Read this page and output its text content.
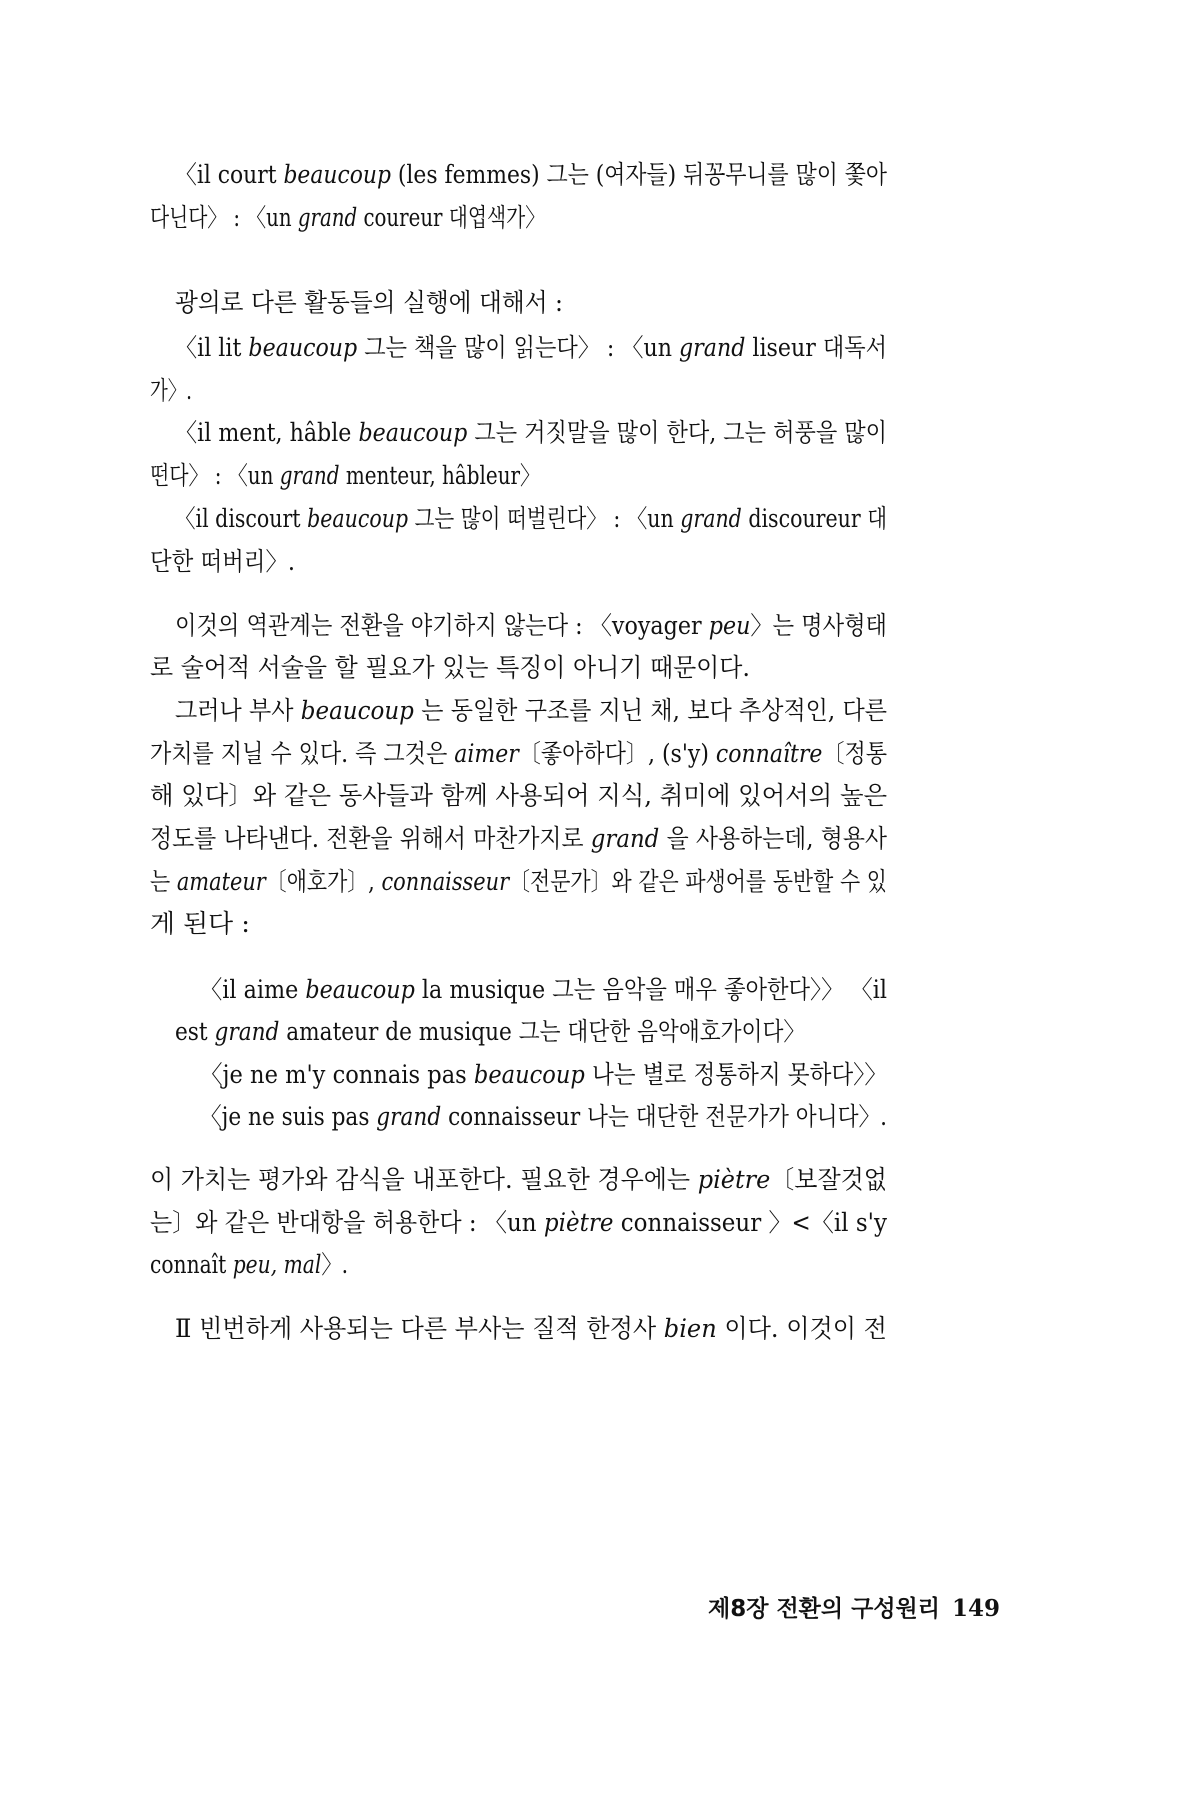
〈il court beaucoup (les femmes) 그는 (여자들) 뒤꽁무니를 많이 쫓아
다닌다〉 : 〈un grand coureur 대엽색가〉
광의로 다른 활동들의 실행에 대해서 :
〈il lit beaucoup 그는 책을 많이 읽는다〉 : 〈un grand liseur 대독서
가〉.
〈il ment, hâble beaucoup 그는 거짓말을 많이 한다, 그는 허풍을 많이
떤다〉 : 〈un grand menteur, hâbleur〉
〈il discourt beaucoup 그는 많이 떠벌린다〉 : 〈un grand discoureur 대
단한 떠버리〉.
이것의 역관계는 전환을 야기하지 않는다 : 〈voyager peu〉는 명사형태
로 술어적 서술을 할 필요가 있는 특징이 아니기 때문이다.
그러나 부사 beaucoup 는 동일한 구조를 지닌 채, 보다 추상적인, 다른
가치를 지닐 수 있다. 즉 그것은 aimer〔좋아하다〕, (s'y) connaître〔정통
해 있다〕와 같은 동사들과 함께 사용되어 지식, 취미에 있어서의 높은
정도를 나타낸다. 전환을 위해서 마찬가지로 grand 을 사용하는데, 형용사
는 amateur〔애호가〕, connaisseur〔전문가〕와 같은 파생어를 동반할 수 있
게 된다 :
〈il aime beaucoup la musique 그는 음악을 매우 좋아한다〉〉 〈il
est grand amateur de musique 그는 대단한 음악애호가이다〉
〈je ne m'y connais pas beaucoup 나는 별로 정통하지 못하다〉〉
〈je ne suis pas grand connaisseur 나는 대단한 전문가가 아니다〉.
이 가치는 평가와 감식을 내포한다. 필요한 경우에는 piètre〔보잘것없
는〕와 같은 반대항을 허용한다 : 〈un piètre connaisseur 〉<〈il s'y
connaît peu, mal〉.
Ⅱ 빈번하게 사용되는 다른 부사는 질적 한정사 bien 이다. 이것이 전
제8장 전환의 구성원리 149
